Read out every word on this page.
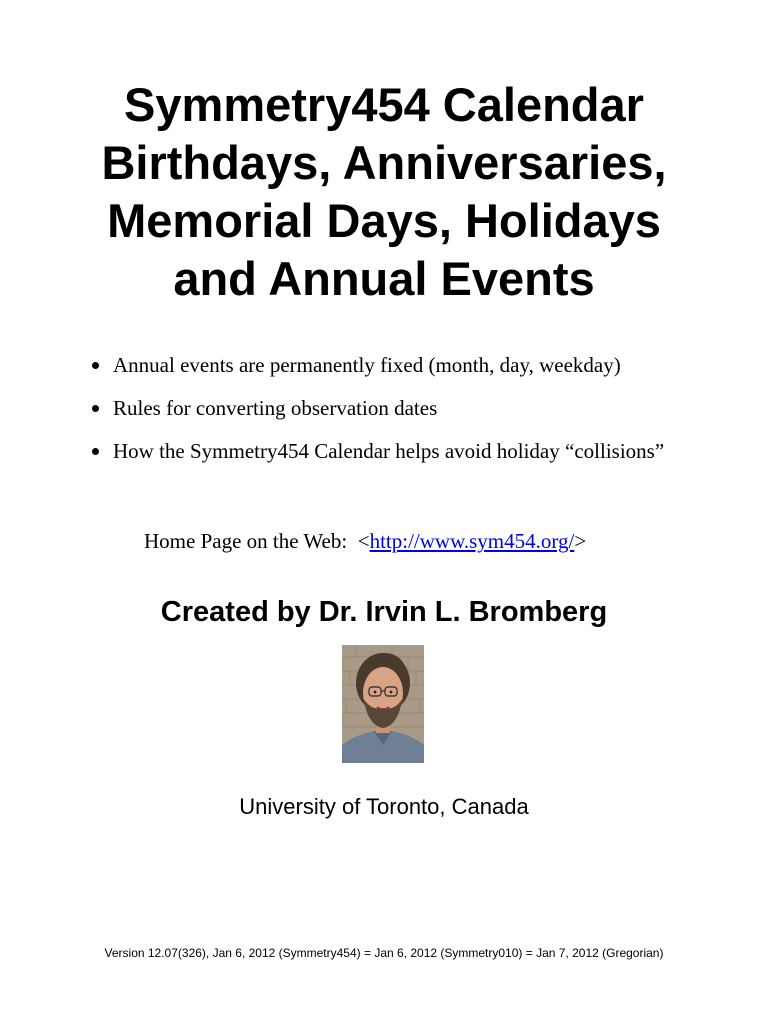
Symmetry454 Calendar
Birthdays, Anniversaries,
Memorial Days, Holidays
and Annual Events
Annual events are permanently fixed (month, day, weekday)
Rules for converting observation dates
How the Symmetry454 Calendar helps avoid holiday “collisions”
Home Page on the Web: <http://www.sym454.org/>
Created by Dr. Irvin L. Bromberg
University of Toronto, Canada
Version 12.07(326), Jan 6, 2012 (Symmetry454) = Jan 6, 2012 (Symmetry010) = Jan 7, 2012 (Gregorian)
